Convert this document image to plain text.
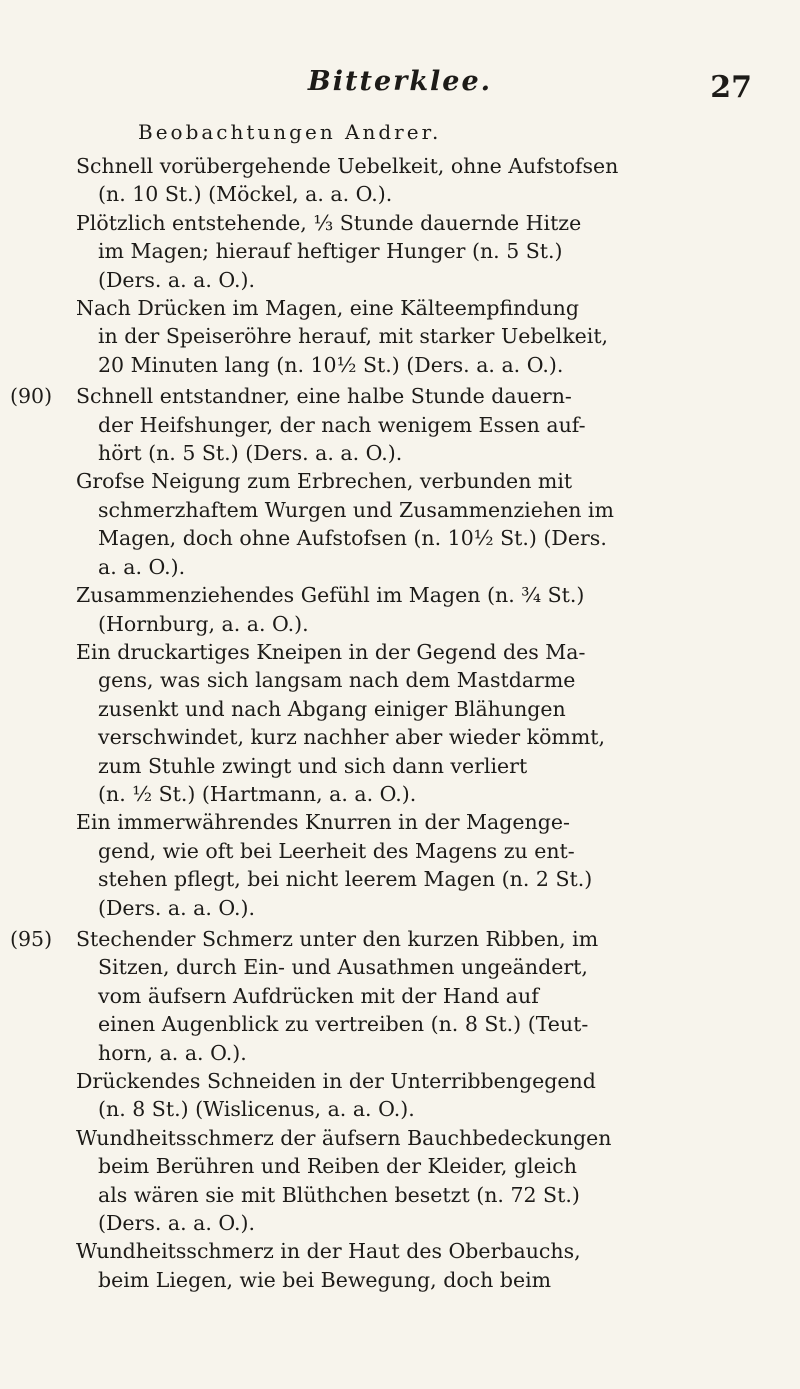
Bitterklee.	27
Beobachtungen Andrer.
Schnell vorübergehende Uebelkeit, ohne Aufstofsen
(n. 10 St.) (Möckel, a. a. O.).
Plötzlich entstehende, ⅓ Stunde dauernde Hitze
im Magen; hierauf heftiger Hunger (n. 5 St.)
(Ders. a. a. O.).
Nach Drücken im Magen, eine Kälteempfindung
in der Speiseröhre herauf, mit starker Uebelkeit,
20 Minuten lang (n. 10½ St.) (Ders. a. a. O.).
(90) Schnell entstandner, eine halbe Stunde dauern-
der Heifshunger, der nach wenigem Essen auf-
hört (n. 5 St.) (Ders. a. a. O.).
Grofse Neigung zum Erbrechen, verbunden mit
schmerzhaftem Wurgen und Zusammenziehen im
Magen, doch ohne Aufstofsen (n. 10½ St.) (Ders.
a. a. O.).
Zusammenziehendes Gefühl im Magen (n. ¾ St.)
(Hornburg, a. a. O.).
Ein druckartiges Kneipen in der Gegend des Ma-
gens, was sich langsam nach dem Mastdarme
zusenkt und nach Abgang einiger Blähungen
verschwindet, kurz nachher aber wieder kömmt,
zum Stuhle zwingt und sich dann verliert
(n. ½ St.) (Hartmann, a. a. O.).
Ein immerwährendes Knurren in der Magenge-
gend, wie oft bei Leerheit des Magens zu ent-
stehen pflegt, bei nicht leerem Magen (n. 2 St.)
(Ders. a. a. O.).
(95) Stechender Schmerz unter den kurzen Ribben, im
Sitzen, durch Ein- und Ausathmen ungeändert,
vom äufsern Aufdrücken mit der Hand auf
einen Augenblick zu vertreiben (n. 8 St.) (Teut-
horn, a. a. O.).
Drückendes Schneiden in der Unterribbengegend
(n. 8 St.) (Wislicenus, a. a. O.).
Wundheitsschmerz der äufsern Bauchbedeckungen
beim Berühren und Reiben der Kleider, gleich
als wären sie mit Blüthchen besetzt (n. 72 St.)
(Ders. a. a. O.).
Wundheitsschmerz in der Haut des Oberbauchs,
beim Liegen, wie bei Bewegung, doch beim
